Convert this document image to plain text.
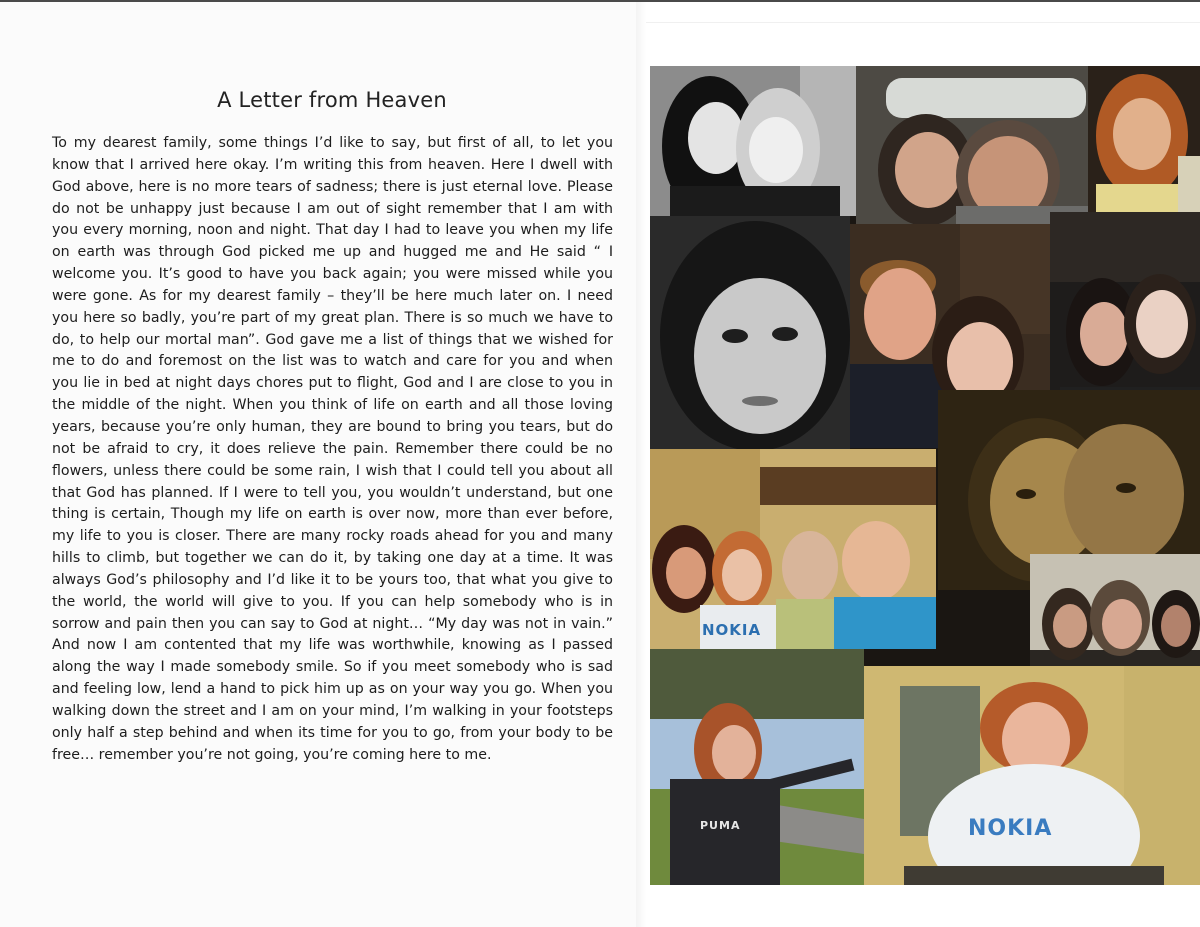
A Letter from Heaven

To my dearest family, some things I’d like to say, but first of all, to let you know that I arrived here okay. I’m writing this from heaven. Here I dwell with God above, here is no more tears of sadness; there is just eternal love. Please do not be unhappy just because I am out of sight remember that I am with you every morning, noon and night. That day I had to leave you when my life on earth was through God picked me up and hugged me and He said “ I welcome you. It’s good to have you back again; you were missed while you were gone. As for my dearest family – they’ll be here much later on. I need you here so badly, you’re part of my great plan. There is so much we have to do, to help our mortal man”. God gave me a list of things that we wished for me to do and foremost on the list was to watch and care for you and when you lie in bed at night days chores put to flight, God and I are close to you in the middle of the night. When you think of life on earth and all those loving years, because you’re only human, they are bound to bring you tears, but do not be afraid to cry, it does relieve the pain. Remember there could be no flowers, unless there could be some rain, I wish that I could tell you about all that God has planned. If I were to tell you, you wouldn’t understand, but one thing is certain, Though my life on earth is over now, more than ever before, my life to you is closer. There are many rocky roads ahead for you and many hills to climb, but together we can do it, by taking one day at a time. It was always God’s philosophy and I’d like it to be yours too, that what you give to the world, the world will give to you. If you can help somebody who is in sorrow and pain then you can say to God at night… “My day was not in vain.” And now I am contented that my life was worthwhile, knowing as I passed along the way I made somebody smile. So if you meet somebody who is sad and feeling low, lend a hand to pick him up as on your way you go. When you walking down the street and I am on your mind, I’m walking in your footsteps only half a step behind and when its time for you to go, from your body to be free… remember you’re not going, you’re coming here to me.

NOKIA
PUMA	NOKIA
